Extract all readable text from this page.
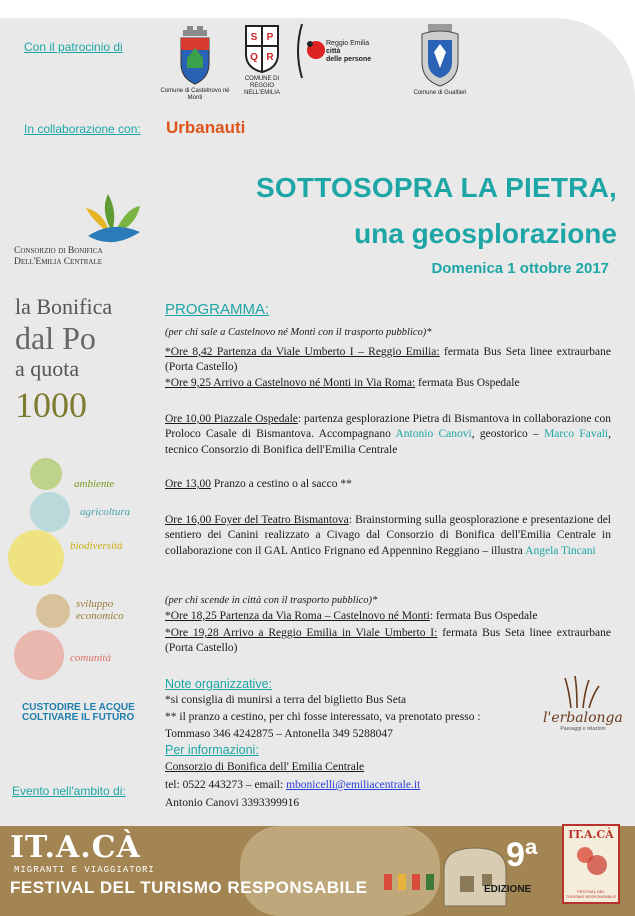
Con il patrocinio di
Comune di Castelnovo né Monti
S P
Q R
COMUNE DI REGGIO NELL'EMILIA
Reggio Emilia
città
delle persone
Comune di Gualtieri
In collaborazione con: Urbanauti
Consorzio di Bonifica
Dell'Emilia Centrale
la Bonifica
dal Po
a quota
1000
ambiente
agricoltura
biodiversità
sviluppo economico
comunità
CUSTODIRE LE ACQUE
COLTIVARE IL FUTURO
Evento nell'ambito di:
SOTTOSOPRA LA PIETRA,
una geosplorazione
Domenica 1 ottobre 2017
PROGRAMMA:
(per chi sale a Castelnovo né Monti con il trasporto pubblico)*
*Ore 8,42 Partenza da Viale Umberto I – Reggio Emilia: fermata Bus Seta linee extraurbane (Porta Castello)
*Ore 9,25 Arrivo a Castelnovo né Monti in Via Roma: fermata Bus Ospedale
Ore 10,00 Piazzale Ospedale: partenza gesplorazione Pietra di Bismantova in collaborazione con Proloco Casale di Bismantova. Accompagnano Antonio Canovi, geostorico – Marco Favali, tecnico Consorzio di Bonifica dell'Emilia Centrale
Ore 13,00 Pranzo a cestino o al sacco **
Ore 16,00 Foyer del Teatro Bismantova: Brainstorming sulla geosplorazione e presentazione del sentiero dei Canini realizzato a Civago dal Consorzio di Bonifica dell'Emilia Centrale in collaborazione con il GAL Antico Frignano ed Appennino Reggiano – illustra Angela Tincani
(per chi scende in città con il trasporto pubblico)*
*Ore 18,25 Partenza da Via Roma – Castelnovo né Monti: fermata Bus Ospedale
*Ore 19,28 Arrivo a Reggio Emilia in Viale Umberto I: fermata Bus Seta linee extraurbane (Porta Castello)
Note organizzative:
*si consiglia di munirsi a terra del biglietto Bus Seta
** il pranzo a cestino, per chi fosse interessato, va prenotato presso :
Tommaso 346 4242875 – Antonella 349 5288047
Per informazioni:
Consorzio di Bonifica dell' Emilia Centrale
tel: 0522 443273 – email: mbonicelli@emiliacentrale.it
Antonio Canovi 3393399916
l'erbalonga
Paesaggi e relazioni
IT.A.CÀ
MIGRANTI E VIAGGIATORI
FESTIVAL DEL TURISMO RESPONSABILE
9ª
EDIZIONE
IT.A.CÀ
FESTIVAL DEL
TURISMO RESPONSABILE
